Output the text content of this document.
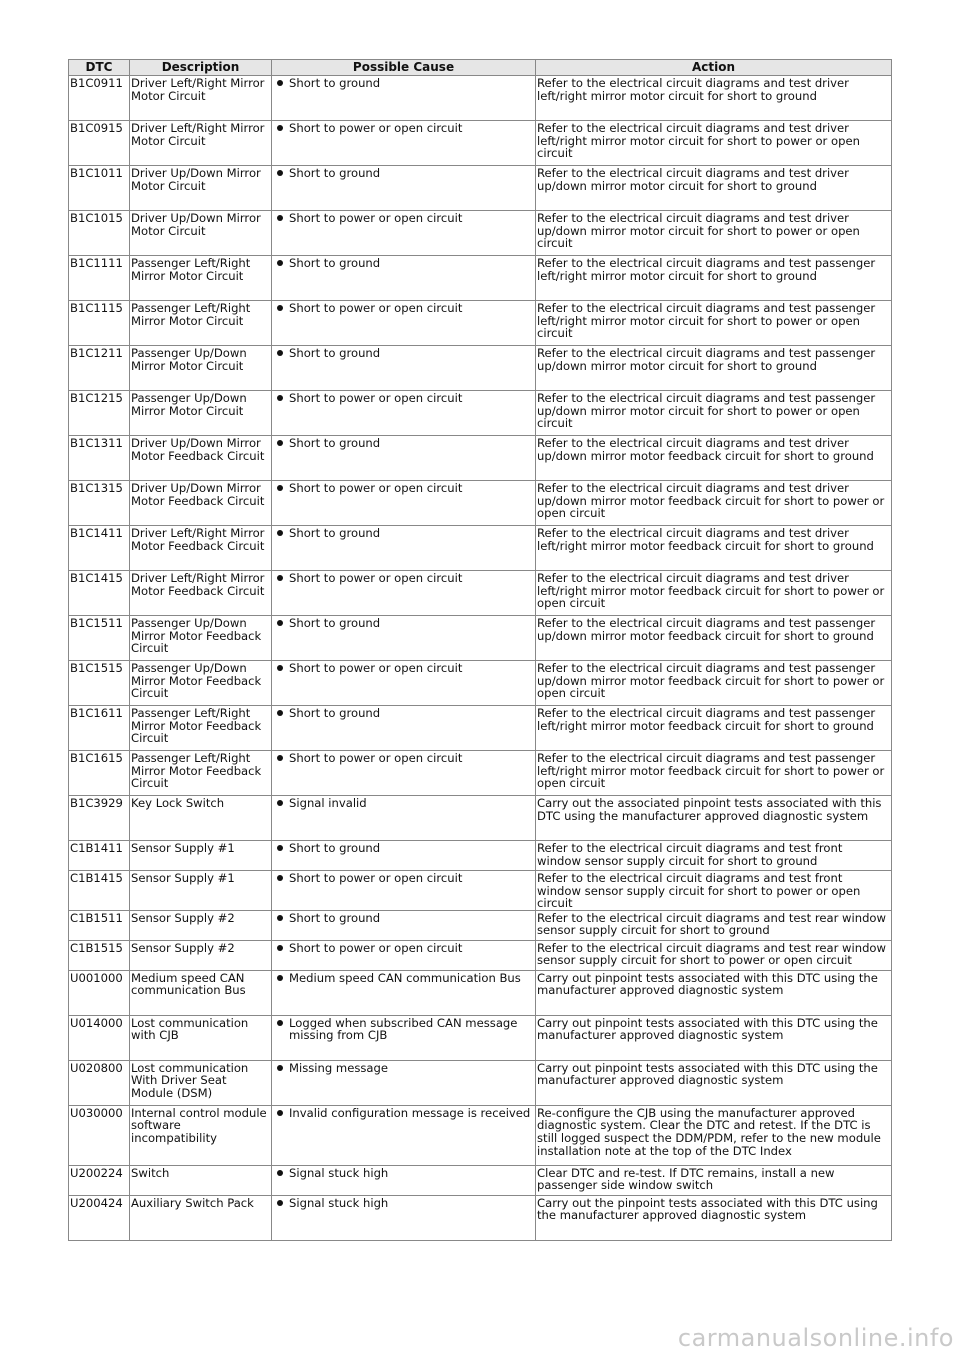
DTC	Description	Possible Cause	Action
B1C0911	Driver Left/Right Mirror Motor Circuit	Short to ground	Refer to the electrical circuit diagrams and test driver left/right mirror motor circuit for short to ground
B1C0915	Driver Left/Right Mirror Motor Circuit	Short to power or open circuit	Refer to the electrical circuit diagrams and test driver left/right mirror motor circuit for short to power or open circuit
B1C1011	Driver Up/Down Mirror Motor Circuit	Short to ground	Refer to the electrical circuit diagrams and test driver up/down mirror motor circuit for short to ground
B1C1015	Driver Up/Down Mirror Motor Circuit	Short to power or open circuit	Refer to the electrical circuit diagrams and test driver up/down mirror motor circuit for short to power or open circuit
B1C1111	Passenger Left/Right Mirror Motor Circuit	Short to ground	Refer to the electrical circuit diagrams and test passenger left/right mirror motor circuit for short to ground
B1C1115	Passenger Left/Right Mirror Motor Circuit	Short to power or open circuit	Refer to the electrical circuit diagrams and test passenger left/right mirror motor circuit for short to power or open circuit
B1C1211	Passenger Up/Down Mirror Motor Circuit	Short to ground	Refer to the electrical circuit diagrams and test passenger up/down mirror motor circuit for short to ground
B1C1215	Passenger Up/Down Mirror Motor Circuit	Short to power or open circuit	Refer to the electrical circuit diagrams and test passenger up/down mirror motor circuit for short to power or open circuit
B1C1311	Driver Up/Down Mirror Motor Feedback Circuit	Short to ground	Refer to the electrical circuit diagrams and test driver up/down mirror motor feedback circuit for short to ground
B1C1315	Driver Up/Down Mirror Motor Feedback Circuit	Short to power or open circuit	Refer to the electrical circuit diagrams and test driver up/down mirror motor feedback circuit for short to power or open circuit
B1C1411	Driver Left/Right Mirror Motor Feedback Circuit	Short to ground	Refer to the electrical circuit diagrams and test driver left/right mirror motor feedback circuit for short to ground
B1C1415	Driver Left/Right Mirror Motor Feedback Circuit	Short to power or open circuit	Refer to the electrical circuit diagrams and test driver left/right mirror motor feedback circuit for short to power or open circuit
B1C1511	Passenger Up/Down Mirror Motor Feedback Circuit	Short to ground	Refer to the electrical circuit diagrams and test passenger up/down mirror motor feedback circuit for short to ground
B1C1515	Passenger Up/Down Mirror Motor Feedback Circuit	Short to power or open circuit	Refer to the electrical circuit diagrams and test passenger up/down mirror motor feedback circuit for short to power or open circuit
B1C1611	Passenger Left/Right Mirror Motor Feedback Circuit	Short to ground	Refer to the electrical circuit diagrams and test passenger left/right mirror motor feedback circuit for short to ground
B1C1615	Passenger Left/Right Mirror Motor Feedback Circuit	Short to power or open circuit	Refer to the electrical circuit diagrams and test passenger left/right mirror motor feedback circuit for short to power or open circuit
B1C3929	Key Lock Switch	Signal invalid	Carry out the associated pinpoint tests associated with this DTC using the manufacturer approved diagnostic system
C1B1411	Sensor Supply #1	Short to ground	Refer to the electrical circuit diagrams and test front window sensor supply circuit for short to ground
C1B1415	Sensor Supply #1	Short to power or open circuit	Refer to the electrical circuit diagrams and test front window sensor supply circuit for short to power or open circuit
C1B1511	Sensor Supply #2	Short to ground	Refer to the electrical circuit diagrams and test rear window sensor supply circuit for short to ground
C1B1515	Sensor Supply #2	Short to power or open circuit	Refer to the electrical circuit diagrams and test rear window sensor supply circuit for short to power or open circuit
U001000	Medium speed CAN communication Bus	Medium speed CAN communication Bus	Carry out pinpoint tests associated with this DTC using the manufacturer approved diagnostic system
U014000	Lost communication with CJB	Logged when subscribed CAN message missing from CJB	Carry out pinpoint tests associated with this DTC using the manufacturer approved diagnostic system
U020800	Lost communication With Driver Seat Module (DSM)	Missing message	Carry out pinpoint tests associated with this DTC using the manufacturer approved diagnostic system
U030000	Internal control module software incompatibility	Invalid configuration message is received	Re-configure the CJB using the manufacturer approved diagnostic system. Clear the DTC and retest. If the DTC is still logged suspect the DDM/PDM, refer to the new module installation note at the top of the DTC Index
U200224	Switch	Signal stuck high	Clear DTC and re-test. If DTC remains, install a new passenger side window switch
U200424	Auxiliary Switch Pack	Signal stuck high	Carry out the pinpoint tests associated with this DTC using the manufacturer approved diagnostic system
carmanualsonline.info
